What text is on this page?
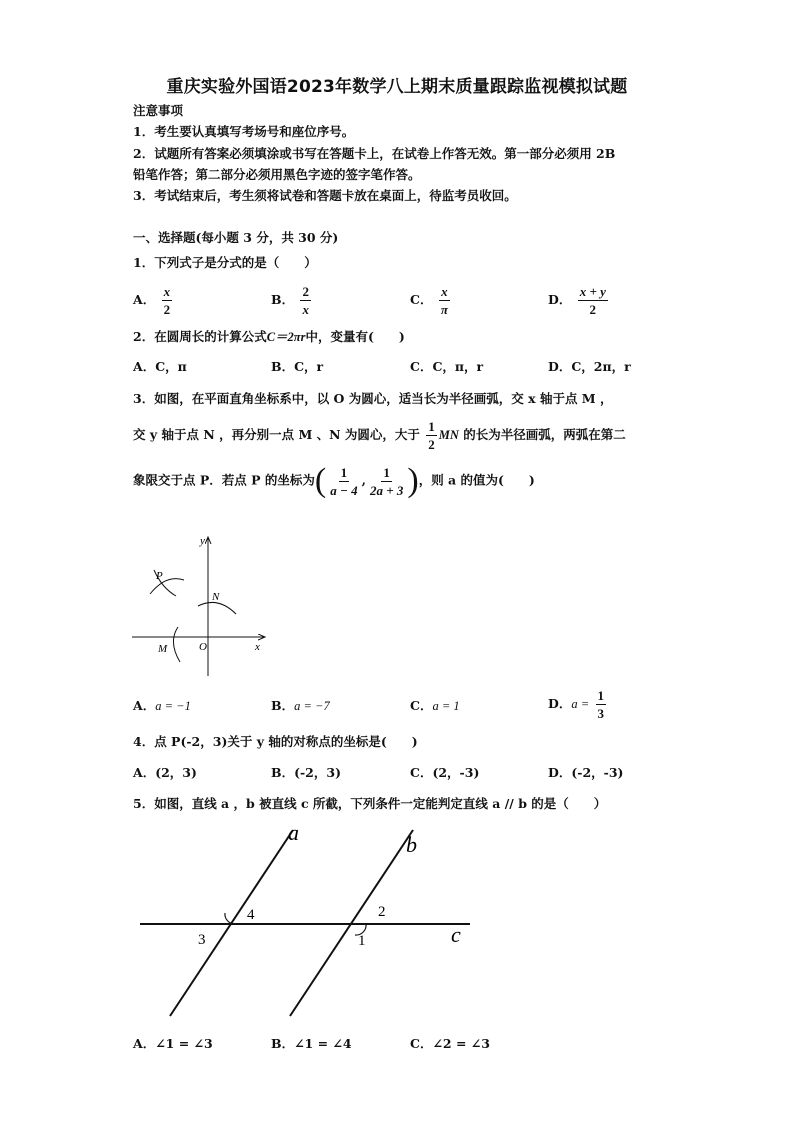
重庆实验外国语2023年数学八上期末质量跟踪监视模拟试题
注意事项
1．考生要认真填写考场号和座位序号。
2．试题所有答案必须填涂或书写在答题卡上，在试卷上作答无效。第一部分必须用 2B
铅笔作答；第二部分必须用黑色字迹的签字笔作答。
3．考试结束后，考生须将试卷和答题卡放在桌面上，待监考员收回。
一、选择题(每小题 3 分，共 30 分)
1．下列式子是分式的是（　　）
A． $\frac{x}{2}$	B． $\frac{2}{x}$	C． $\frac{x}{\pi}$	D． $\frac{x + y}{2}$
2．在圆周长的计算公式C＝2πr中，变量有(　　)
A．C，π	B．C，r	C．C，π，r	D．C，2π，r
3．如图，在平面直角坐标系中，以 O 为圆心，适当长为半径画弧，交 x 轴于点 M ，
交 y 轴于点 N ，再分别一点 M 、N 为圆心，大于 $\frac{1}{2}$ MN 的长为半径画弧，两弧在第二
象限交于点 P．若点 P 的坐标为( $\frac{1}{a - 4}$ , $\frac{1}{2a + 3}$ )，则 a 的值为(　　)
y
x
O
P
N
M
A．a = −1	B．a = −7	C．a = 1	D．$a = \frac{1}{3}$
4．点 P(-2，3)关于 y 轴的对称点的坐标是(　　)
A．(2，3)	B．(-2，3)	C．(2，-3)	D．(-2，-3)
5．如图，直线 a ，b 被直线 c 所截，下列条件一定能判定直线 a // b 的是（　　）
a	b
c
4
3
2
1
A．∠1 = ∠3	B．∠1 = ∠4	C．∠2 = ∠3
